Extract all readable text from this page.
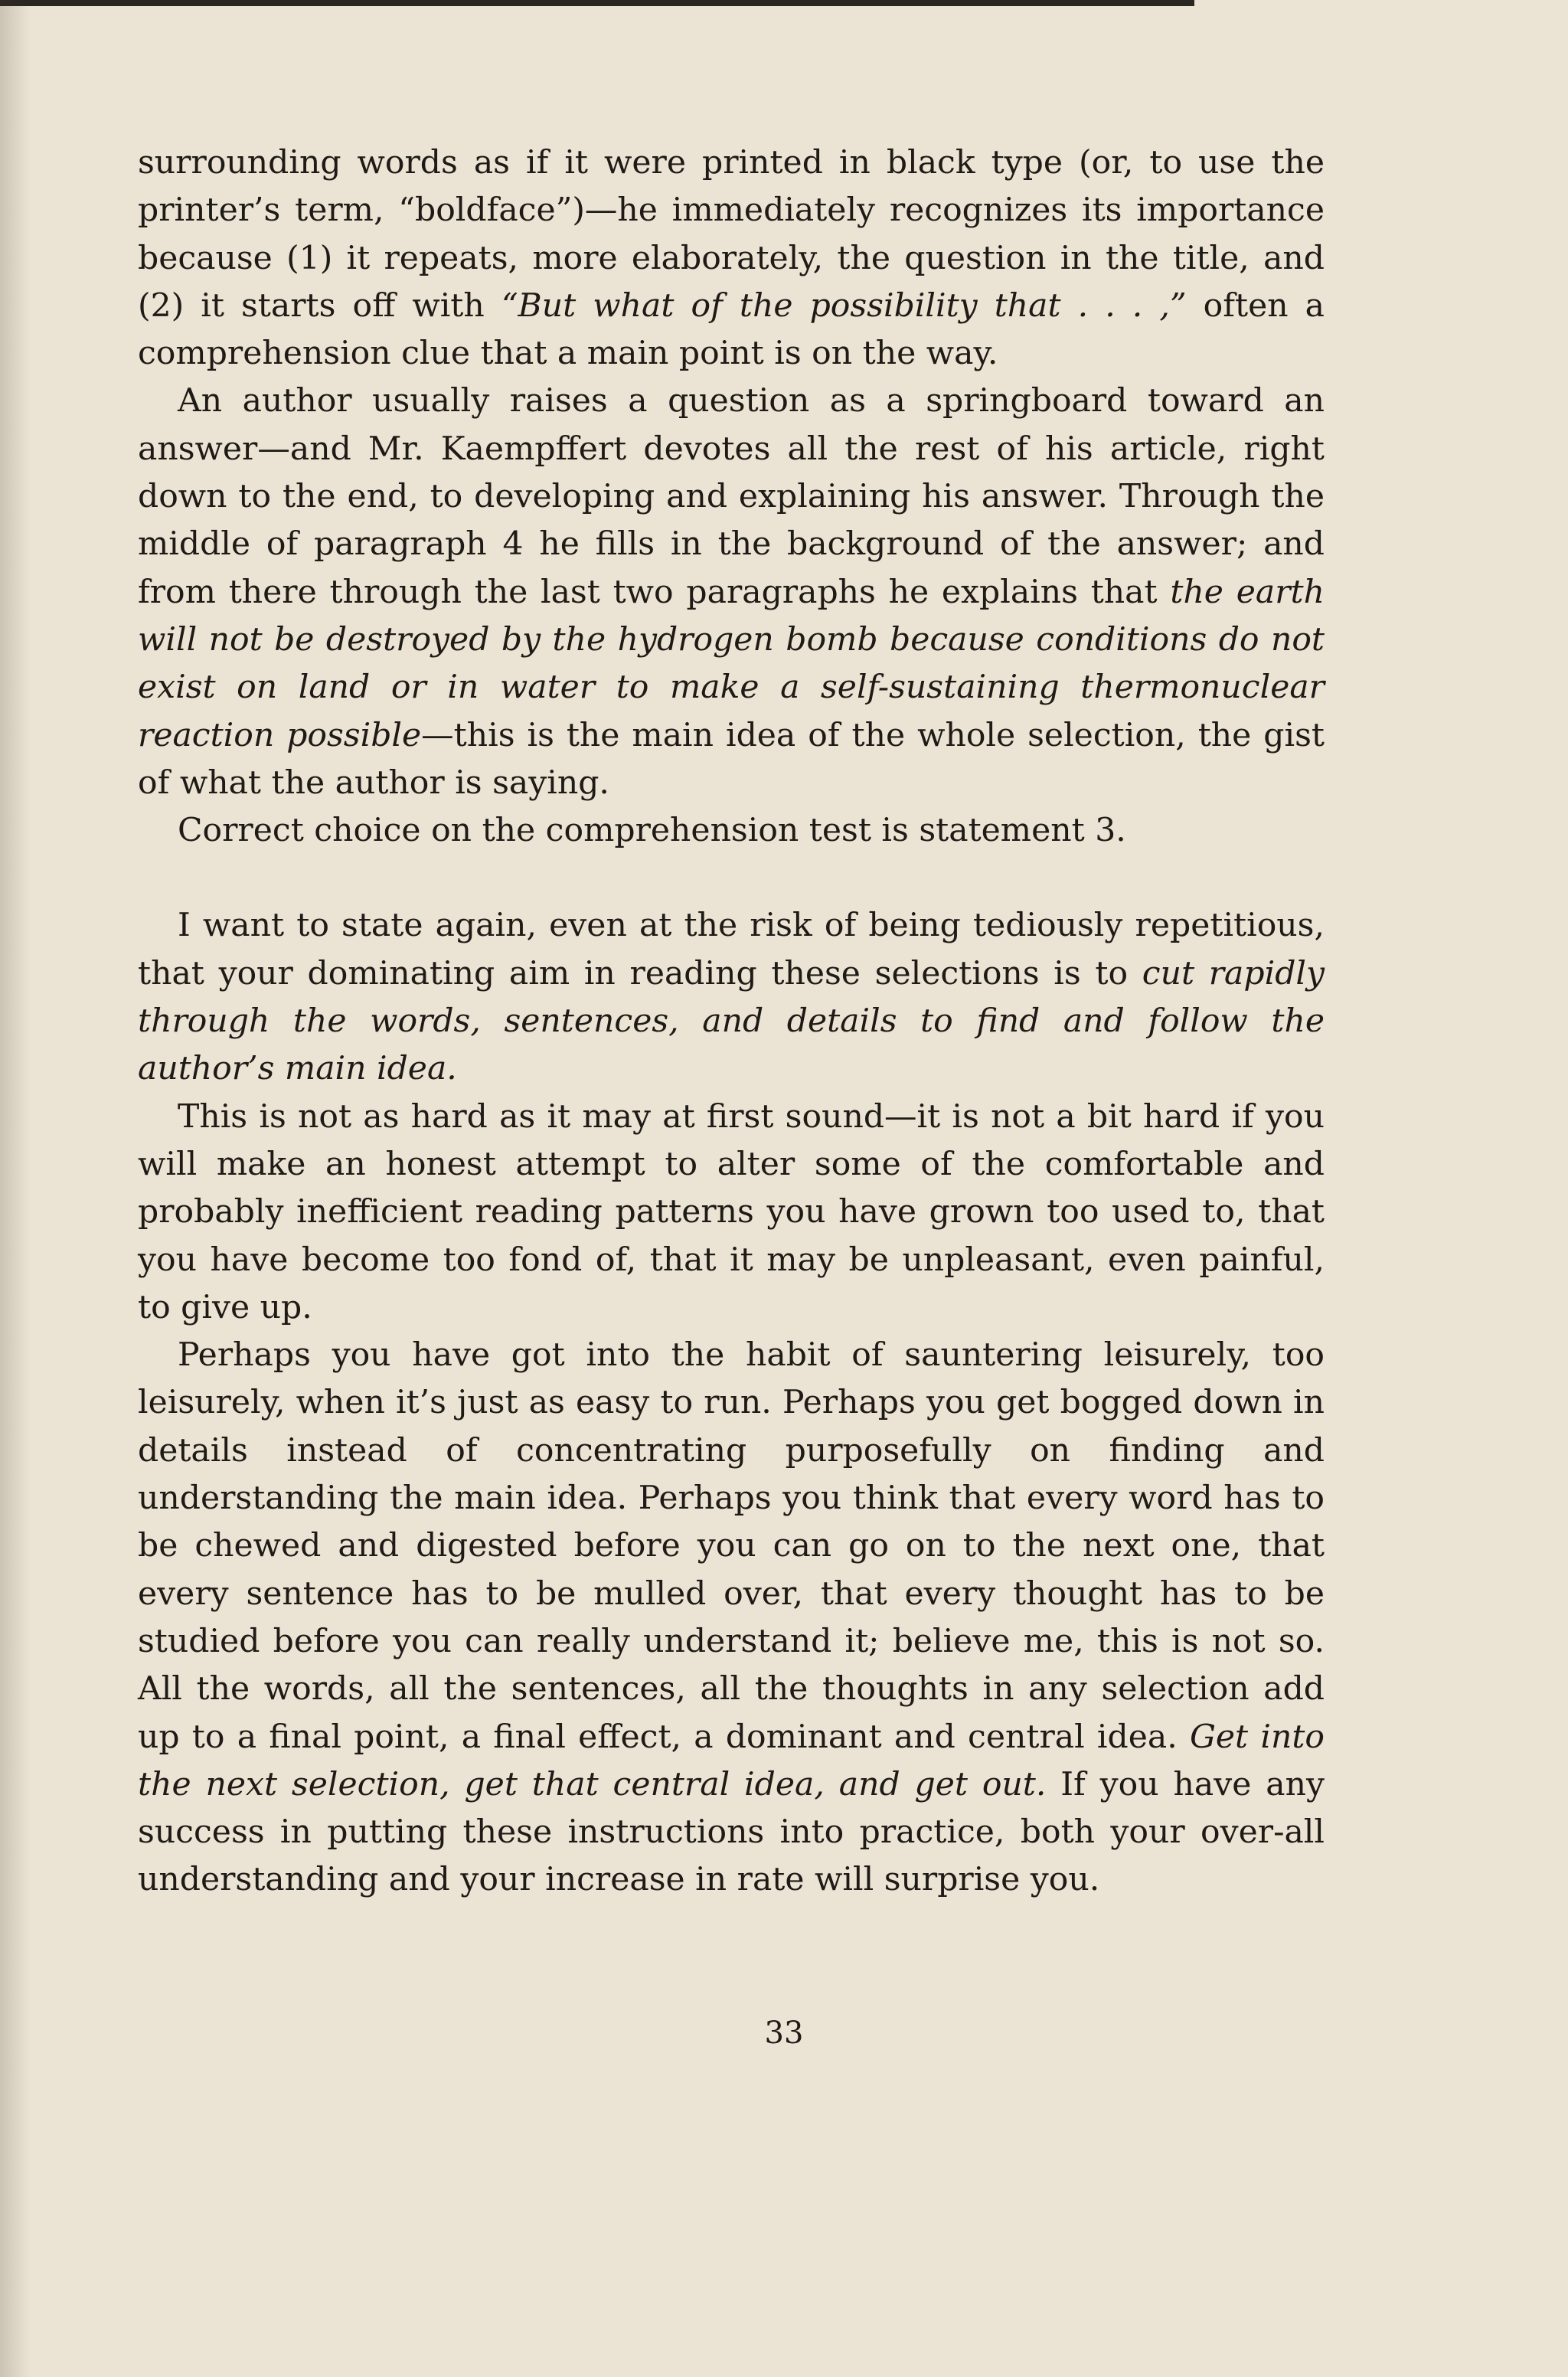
surrounding words as if it were printed in black type (or, to use the printer’s term, “boldface”)—he immediately recognizes its importance because (1) it repeats, more elaborately, the question in the title, and (2) it starts off with “But what of the possibility that . . . ,” often a comprehension clue that a main point is on the way.

An author usually raises a question as a springboard toward an answer—and Mr. Kaempffert devotes all the rest of his article, right down to the end, to developing and explaining his answer. Through the middle of paragraph 4 he fills in the background of the answer; and from there through the last two paragraphs he explains that the earth will not be destroyed by the hydrogen bomb because conditions do not exist on land or in water to make a self-sustaining thermonuclear reaction possible—this is the main idea of the whole selection, the gist of what the author is saying.

Correct choice on the comprehension test is statement 3.

I want to state again, even at the risk of being tediously repetitious, that your dominating aim in reading these selections is to cut rapidly through the words, sentences, and details to find and follow the author’s main idea.

This is not as hard as it may at first sound—it is not a bit hard if you will make an honest attempt to alter some of the comfortable and probably inefficient reading patterns you have grown too used to, that you have become too fond of, that it may be unpleasant, even painful, to give up.

Perhaps you have got into the habit of sauntering leisurely, too leisurely, when it’s just as easy to run. Perhaps you get bogged down in details instead of concentrating purposefully on finding and understanding the main idea. Perhaps you think that every word has to be chewed and digested before you can go on to the next one, that every sentence has to be mulled over, that every thought has to be studied before you can really understand it; believe me, this is not so. All the words, all the sentences, all the thoughts in any selection add up to a final point, a final effect, a dominant and central idea. Get into the next selection, get that central idea, and get out. If you have any success in putting these instructions into practice, both your over-all understanding and your increase in rate will surprise you.

33
